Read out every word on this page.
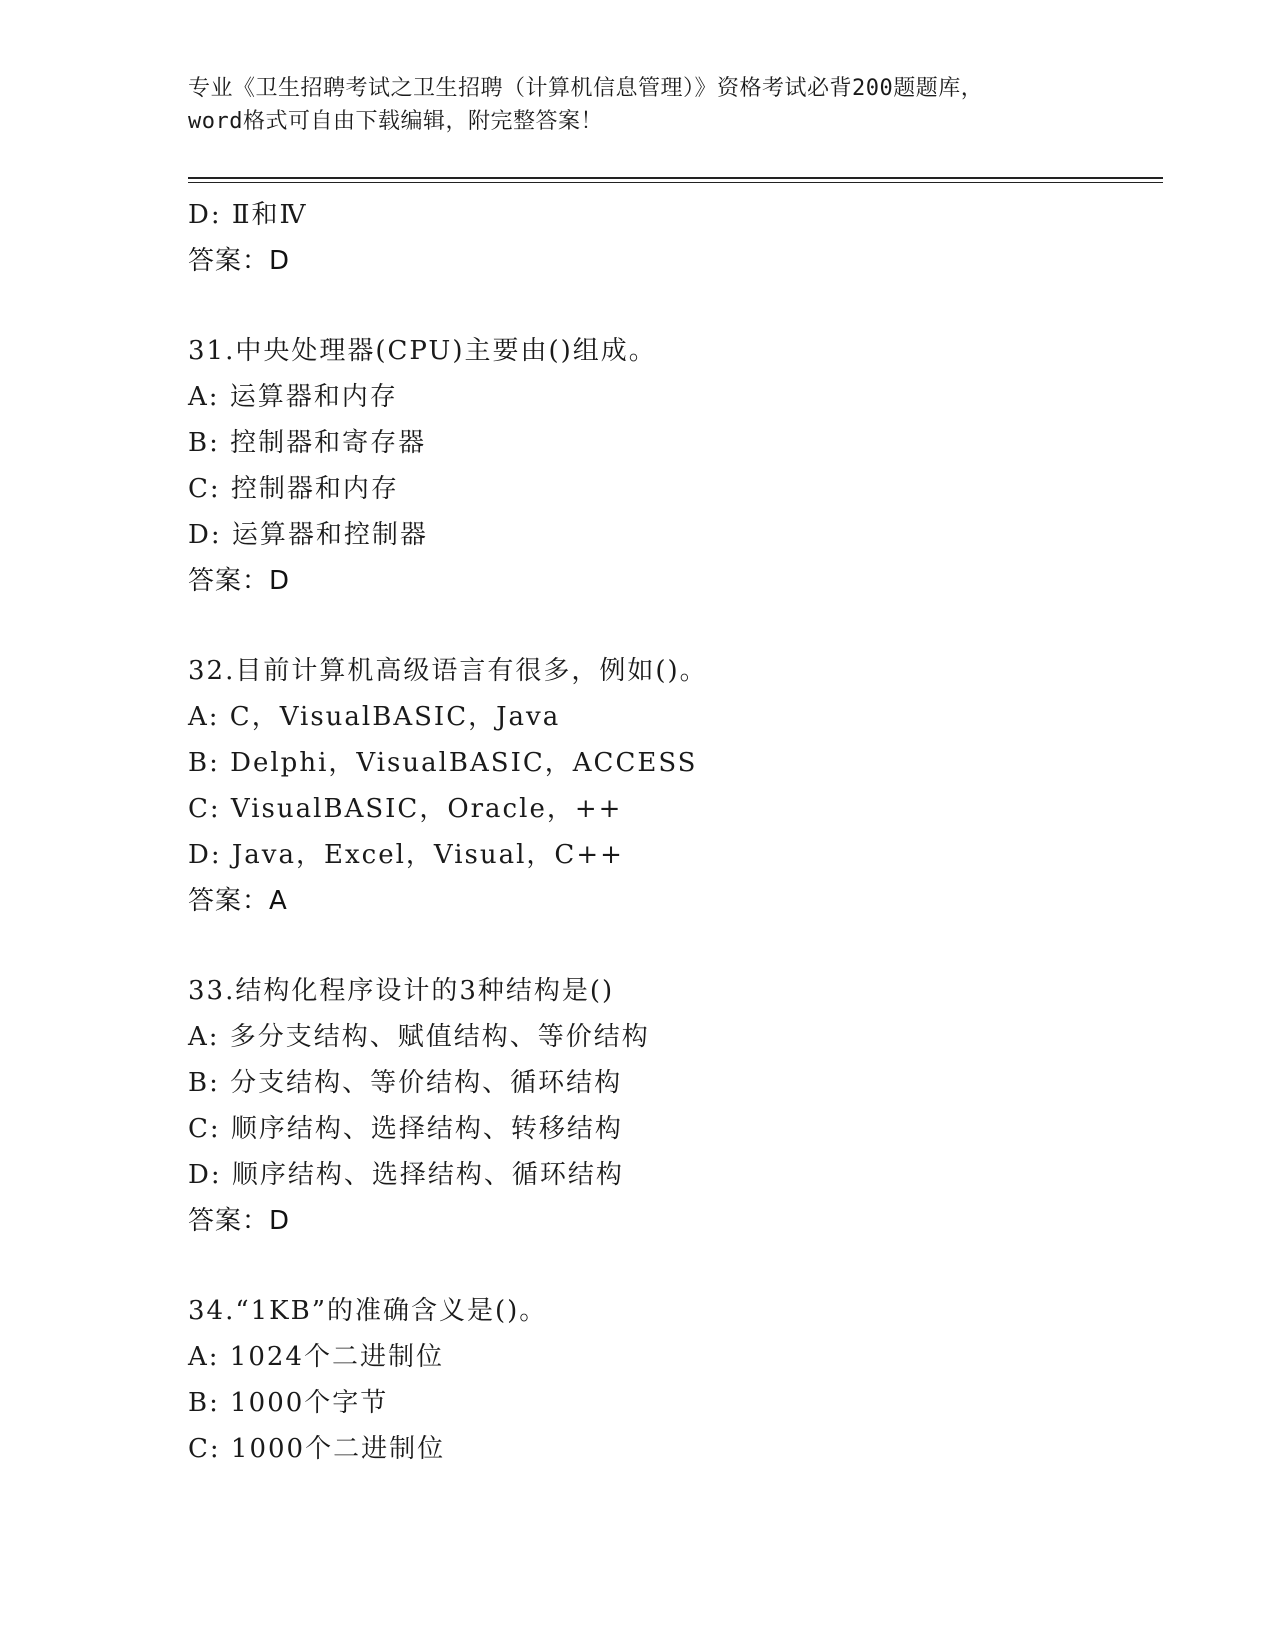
专业《卫生招聘考试之卫生招聘（计算机信息管理）》资格考试必背200题题库，
word格式可自由下载编辑，附完整答案！
D: Ⅱ和Ⅳ
答案：D
31.中央处理器(CPU)主要由()组成。
A: 运算器和内存
B: 控制器和寄存器
C: 控制器和内存
D: 运算器和控制器
答案：D
32.目前计算机高级语言有很多，例如()。
A: C，VisualBASIC，Java
B: Delphi，VisualBASIC，ACCESS
C: VisualBASIC，Oracle，++
D: Java，Excel，Visual，C++
答案：A
33.结构化程序设计的3种结构是()
A: 多分支结构、赋值结构、等价结构
B: 分支结构、等价结构、循环结构
C: 顺序结构、选择结构、转移结构
D: 顺序结构、选择结构、循环结构
答案：D
34.“1KB”的准确含义是()。
A: 1024个二进制位
B: 1000个字节
C: 1000个二进制位
